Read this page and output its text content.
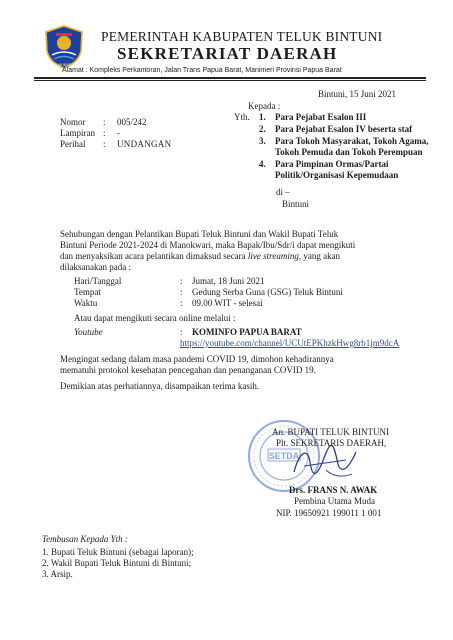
TELUK BINTUNI
PEMERINTAH KABUPATEN TELUK BINTUNI
SEKRETARIAT DAERAH
Alamat : Kompleks Perkantoran, Jalan Trans Papua Barat, Manimeri Provinsi Papua Barat
Bintuni, 15 Juni 2021
Nomor : 005/242
Lampiran : -
Perihal : UNDANGAN
Kepada :
Yth. 1. Para Pejabat Esalon III
2. Para Pejabat Esalon IV beserta staf
3. Para Tokoh Masyarakat, Tokoh Agama,
Tokoh Pemuda dan Tokoh Perempuan
4. Para Pimpinan Ormas/Partai
Politik/Organisasi Kepemudaan
di –
Bintuni
Sehubungan dengan Pelantikan Bupati Teluk Bintuni dan Wakil Bupati Teluk
Bintuni Periode 2021-2024 di Manokwari, maka Bapak/Ibu/Sdr/i dapat mengikuti
dan menyaksikan acara pelantikan dimaksud secara live streaming, yang akan
dilaksanakan pada :
Hari/Tanggal	: Jumat, 18 Juni 2021
Tempat	: Gedung Serba Guna (GSG) Teluk Bintuni
Waktu	: 09.00 WIT - selesai
Atau dapat mengikuti secara online melalui :
Youtube	: KOMINFO PAPUA BARAT
https://youtube.com/channel/UCUtEPKhzkHwg8rb1jm9dcA
Mengingat sedang dalam masa pandemi COVID 19, dimohon kehadirannya
mematuhi protokol kesehatan pencegahan dan penanganan COVID 19.
Demikian atas perhatiannya, disampaikan terima kasih.
SETDA
An. BUPATI TELUK BINTUNI
Plt. SEKRETARIS DAERAH,
Drs. FRANS N. AWAK
Pembina Utama Muda
NIP. 19650921 199011 1 001
Tembusan Kepada Yth :
1. Bupati Teluk Bintuni (sebagai laporan);
2. Wakil Bupati Teluk Bintuni di Bintuni;
3. Arsip.
